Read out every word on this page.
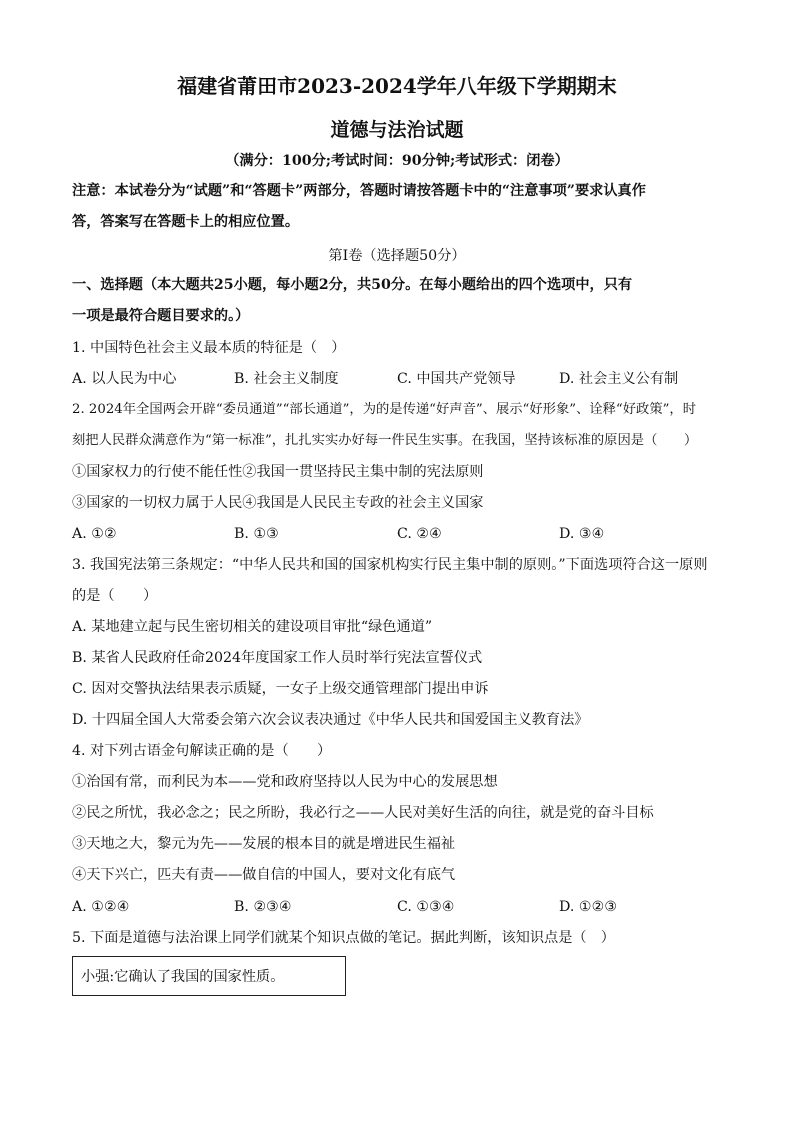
福建省莆田市2023-2024学年八年级下学期期末
道德与法治试题
（满分：100分;考试时间：90分钟;考试形式：闭卷）
注意：本试卷分为“试题”和“答题卡”两部分，答题时请按答题卡中的“注意事项”要求认真作
答，答案写在答题卡上的相应位置。
第Ⅰ卷（选择题50分）
一、选择题（本大题共25小题，每小题2分，共50分。在每小题给出的四个选项中，只有
一项是最符合题目要求的。）
1. 中国特色社会主义最本质的特征是（　）
A. 以人民为中心	B. 社会主义制度	C. 中国共产党领导	D. 社会主义公有制
2. 2024年全国两会开辟“委员通道”“部长通道”，为的是传递“好声音”、展示“好形象”、诠释“好政策”，时
刻把人民群众满意作为“第一标准”，扎扎实实办好每一件民生实事。在我国，坚持该标准的原因是（　　）
①国家权力的行使不能任性②我国一贯坚持民主集中制的宪法原则
③国家的一切权力属于人民④我国是人民民主专政的社会主义国家
A. ①②	B. ①③	C. ②④	D. ③④
3. 我国宪法第三条规定：“中华人民共和国的国家机构实行民主集中制的原则。”下面选项符合这一原则
的是（　　）
A. 某地建立起与民生密切相关的建设项目审批“绿色通道”
B. 某省人民政府任命2024年度国家工作人员时举行宪法宣誓仪式
C. 因对交警执法结果表示质疑，一女子上级交通管理部门提出申诉
D. 十四届全国人大常委会第六次会议表决通过《中华人民共和国爱国主义教育法》
4. 对下列古语金句解读正确的是（　　）
①治国有常，而利民为本——党和政府坚持以人民为中心的发展思想
②民之所忧，我必念之；民之所盼，我必行之——人民对美好生活的向往，就是党的奋斗目标
③天地之大，黎元为先——发展的根本目的就是增进民生福祉
④天下兴亡，匹夫有责——做自信的中国人，要对文化有底气
A. ①②④	B. ②③④	C. ①③④	D. ①②③
5. 下面是道德与法治课上同学们就某个知识点做的笔记。据此判断，该知识点是（　）
小强:它确认了我国的国家性质。
